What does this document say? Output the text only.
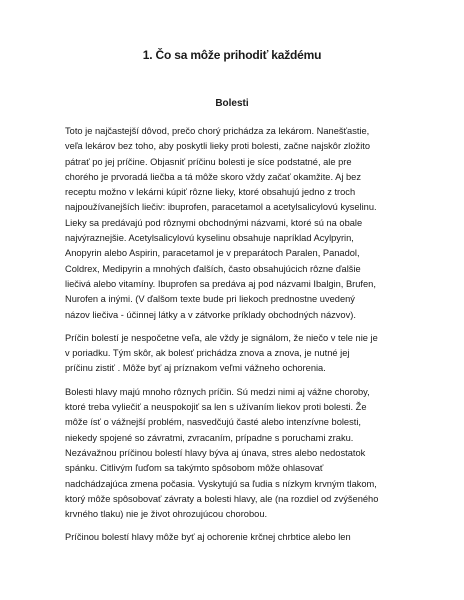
1. Čo sa môže prihodiť každému
Bolesti

Toto je najčastejší dôvod, prečo chorý prichádza za lekárom. Nanešťastie,
veľa lekárov bez toho, aby poskytli lieky proti bolesti, začne najskôr zložito
pátrať po jej príčine. Objasniť príčinu bolesti je síce podstatné, ale pre
chorého je prvoradá liečba a tá môže skoro vždy začať okamžite. Aj bez
receptu možno v lekárni kúpiť rôzne lieky, ktoré obsahujú jedno z troch
najpoužívanejších liečiv: ibuprofen, paracetamol a acetylsalicylovú kyselinu.
Lieky sa predávajú pod rôznymi obchodnými názvami, ktoré sú na obale
najvýraznejšie. Acetylsalicylovú kyselinu obsahuje napríklad Acylpyrin,
Anopyrin alebo Aspirin, paracetamol je v preparátoch Paralen, Panadol,
Coldrex, Medipyrin a mnohých ďalších, často obsahujúcich rôzne ďalšie
liečivá alebo vitamíny. Ibuprofen sa predáva aj pod názvami Ibalgin, Brufen,
Nurofen a inými. (V ďalšom texte bude pri liekoch prednostne uvedený
názov liečiva - účinnej látky a v zátvorke príklady obchodných názvov).

Príčin bolestí je nespočetne veľa, ale vždy je signálom, že niečo v tele nie je
v poriadku. Tým skôr, ak bolesť prichádza znova a znova, je nutné jej
príčinu zistiť . Môže byť aj príznakom veľmi vážneho ochorenia.

Bolesti hlavy majú mnoho rôznych príčin. Sú medzi nimi aj vážne choroby,
ktoré treba vyliečiť a neuspokojiť sa len s užívaním liekov proti bolesti. Že
môže ísť o vážnejší problém, nasvedčujú časté alebo intenzívne bolesti,
niekedy spojené so závratmi, zvracaním, prípadne s poruchami zraku.
Nezávažnou príčinou bolestí hlavy býva aj únava, stres alebo nedostatok
spánku. Citlivým ľuďom sa takýmto spôsobom môže ohlasovať
nadchádzajúca zmena počasia. Vyskytujú sa ľudia s nízkym krvným tlakom,
ktorý môže spôsobovať závraty a bolesti hlavy, ale (na rozdiel od zvýšeného
krvného tlaku) nie je život ohrozujúcou chorobou.

Príčinou bolestí hlavy môže byť aj ochorenie krčnej chrbtice alebo len
